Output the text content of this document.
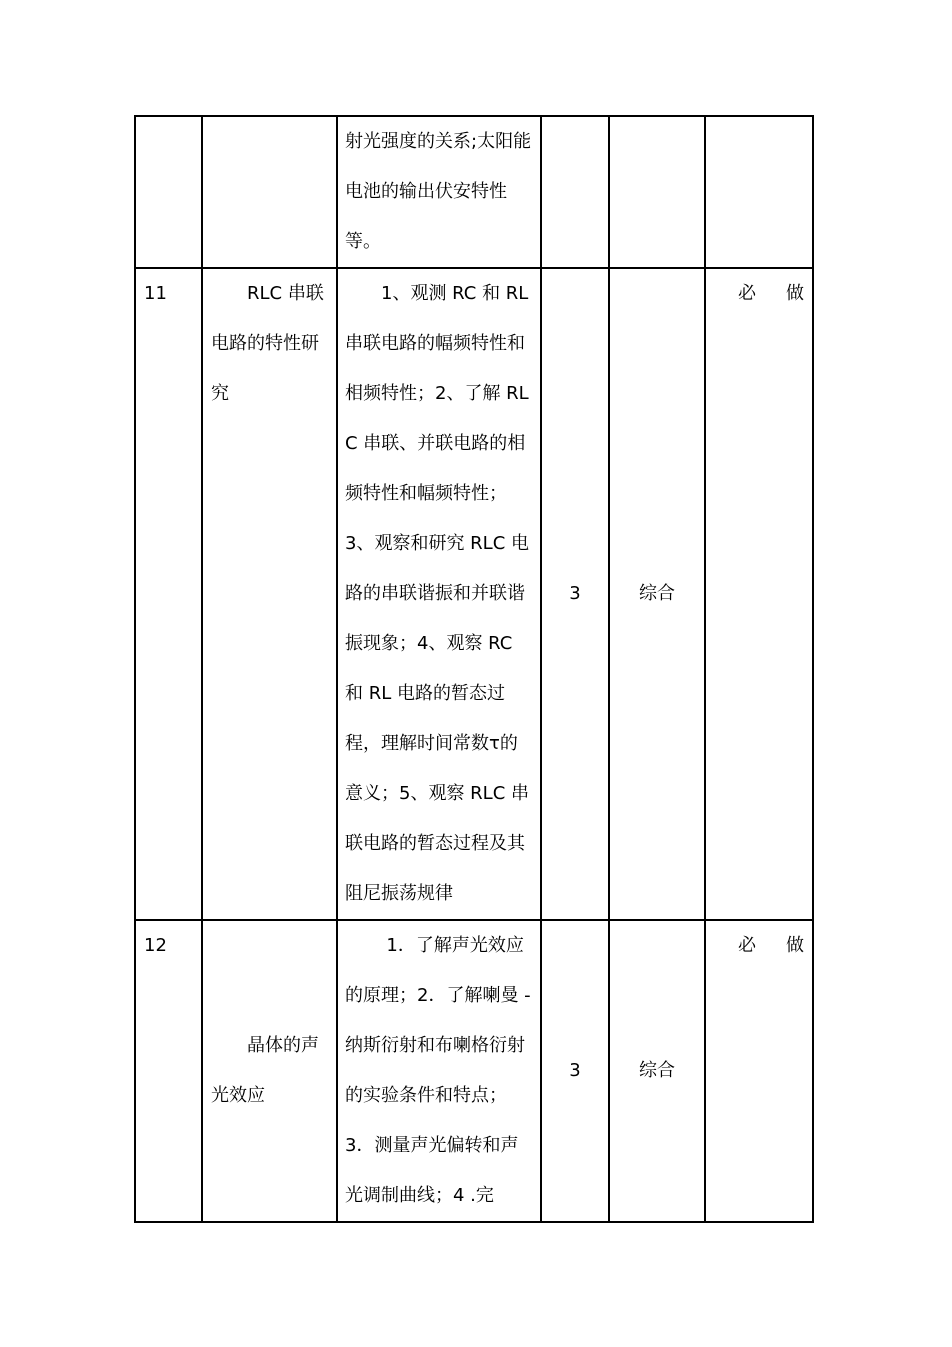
		射光强度的关系;太阳能电池的输出伏安特性等。			

11	RLC 串联电路的特性研究	1、观测 RC 和 RL 串联电路的幅频特性和相频特性；2、了解 RLC 串联、并联电路的相频特性和幅频特性；3、观察和研究 RLC 电路的串联谐振和并联谐振现象；4、观察 RC 和 RL 电路的暂态过程，理解时间常数τ的意义；5、观察 RLC 串联电路的暂态过程及其阻尼振荡规律	3	综合	必  做
12	晶体的声光效应	1．了解声光效应的原理；2．了解喇曼 - 纳斯衍射和布喇格衍射的实验条件和特点；3．测量声光偏转和声光调制曲线；4 .完	3	综合	必  做
